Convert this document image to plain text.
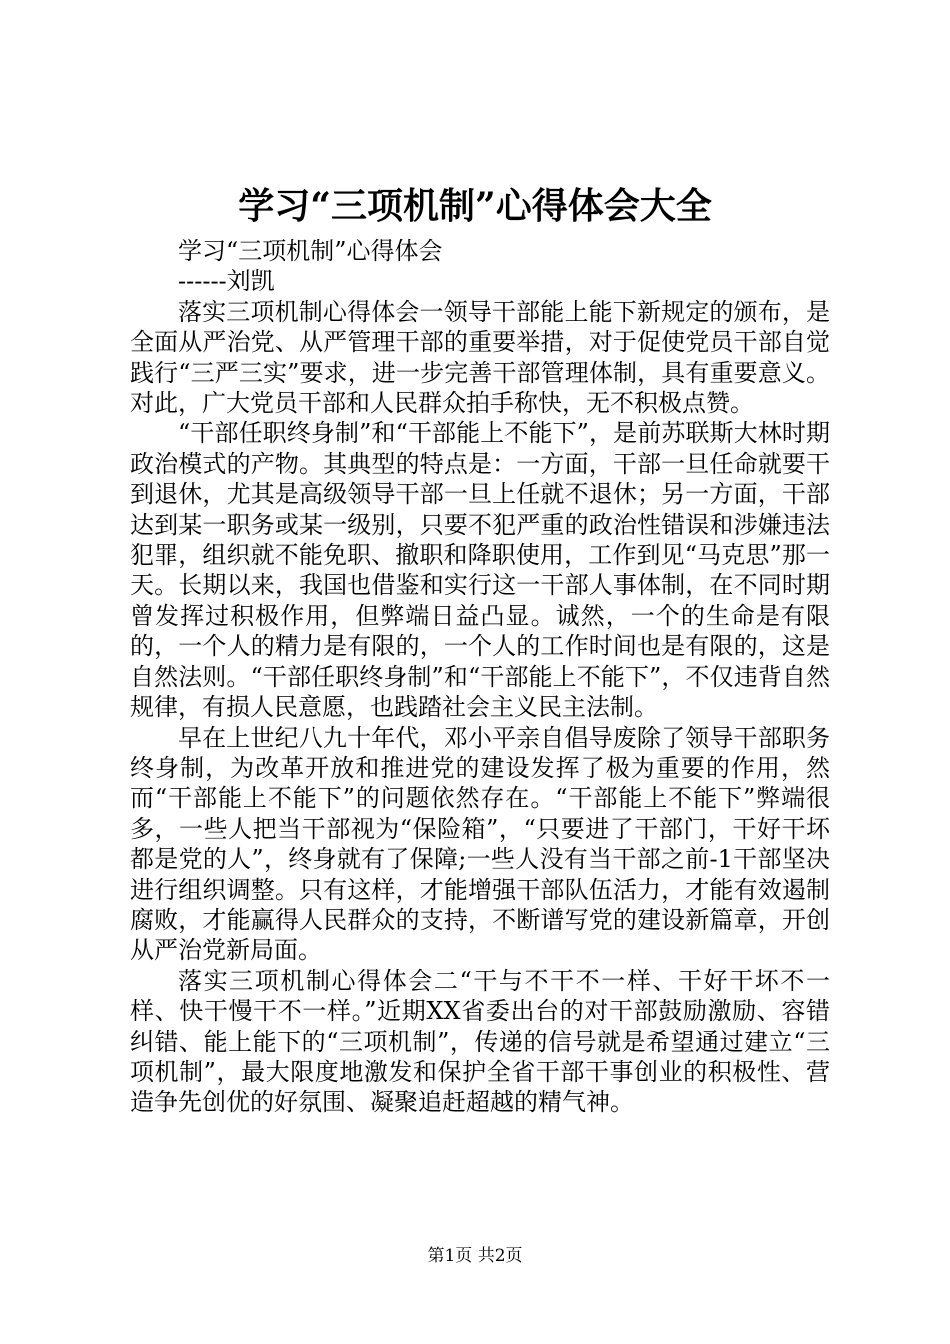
学习“三项机制”心得体会大全

学习“三项机制”心得体会

------刘凯

落实三项机制心得体会一领导干部能上能下新规定的颁布，是全面从严治党、从严管理干部的重要举措，对于促使党员干部自觉践行“三严三实”要求，进一步完善干部管理体制，具有重要意义。对此，广大党员干部和人民群众拍手称快，无不积极点赞。

“干部任职终身制”和“干部能上不能下”，是前苏联斯大林时期政治模式的产物。其典型的特点是：一方面，干部一旦任命就要干到退休，尤其是高级领导干部一旦上任就不退休；另一方面，干部达到某一职务或某一级别，只要不犯严重的政治性错误和涉嫌违法犯罪，组织就不能免职、撤职和降职使用，工作到见“马克思”那一天。长期以来，我国也借鉴和实行这一干部人事体制，在不同时期曾发挥过积极作用，但弊端日益凸显。诚然，一个的生命是有限的，一个人的精力是有限的，一个人的工作时间也是有限的，这是自然法则。“干部任职终身制”和“干部能上不能下”，不仅违背自然规律，有损人民意愿，也践踏社会主义民主法制。

早在上世纪八九十年代，邓小平亲自倡导废除了领导干部职务终身制，为改革开放和推进党的建设发挥了极为重要的作用，然而“干部能上不能下”的问题依然存在。“干部能上不能下”弊端很多，一些人把当干部视为“保险箱”，“只要进了干部门，干好干坏都是党的人”，终身就有了保障;一些人没有当干部之前-1干部坚决进行组织调整。只有这样，才能增强干部队伍活力，才能有效遏制腐败，才能赢得人民群众的支持，不断谱写党的建设新篇章，开创从严治党新局面。

落实三项机制心得体会二“干与不干不一样、干好干坏不一样、快干慢干不一样。”近期XX省委出台的对干部鼓励激励、容错纠错、能上能下的“三项机制”，传递的信号就是希望通过建立“三项机制”，最大限度地激发和保护全省干部干事创业的积极性、营造争先创优的好氛围、凝聚追赶超越的精气神。

第1页 共2页
